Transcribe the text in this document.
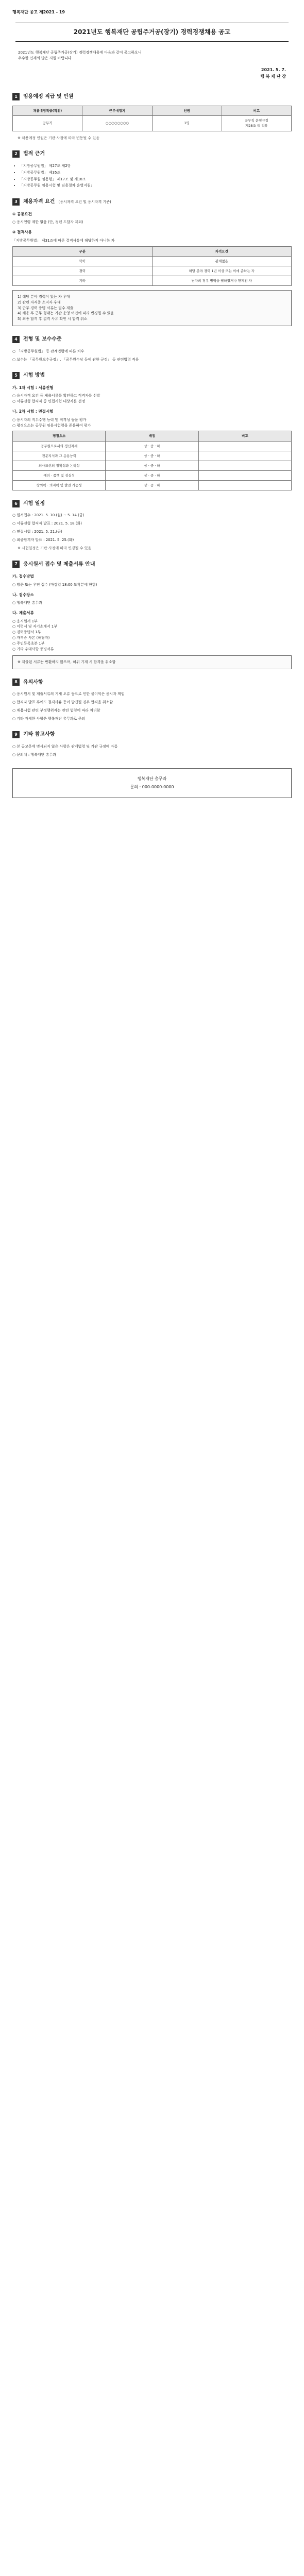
행복재단 공고 제2021 - 19
2021년도 행복재단 공립주거공(장기) 경력경쟁채용 공고
2021년도 행복재단 공립주거공(장기) 경력경쟁채용에 다음과 같이 공고하오니
우수한 인재의 많은 지원 바랍니다.
2021. 5. 7.
행 복 재 단 장
1	임용예정 직급 및 인원
채용예정직급(직위)	근무예정지	인원	비고
공무직	○○○○○○○○	1명	공무직 운영규정
제28조 등 적용
※ 채용예정 인원은 기관 사정에 따라 변동될 수 있음
2	법적 근거
• 「지방공무원법」 제27조 제2항
• 「지방공무원법」 제35조
• 「지방공무원 임용령」 제17조 및 제18조
• 「지방공무원 임용시험 및 임용절차 운영지침」
3	채용자격 요건 (응시자격 요건 및 응시자격 기준)
① 공통요건
○ 응시연령 제한 없음 (단, 정년 도달자 제외)
② 결격사유
「지방공무원법」 제31조에 따른 결격사유에 해당하지 아니한 자
구분	자격요건
학력	관계없음
경력	해당 분야 경력 1년 이상 또는 이에 준하는 자
기타	남자의 경우 병역을 필하였거나 면제된 자
1) 해당 분야 경력이 있는 자 우대
2) 관련 자격증 소지자 우대
3) 근무 경력 증명 서류는 필수 제출
4) 채용 후 근무 형태는 기관 운영 여건에 따라 변경될 수 있음
5) 최종 합격 후 결격 사유 확인 시 합격 취소
4	전형 및 보수수준
○ 「지방공무원법」 등 관계법령에 따른 처우
○ 보수는 「공무원보수규정」, 「공무원수당 등에 관한 규정」 등 관련법령 적용
5	시험 방법
가. 1차 시험 : 서류전형
○ 응시자격 요건 등 제출서류를 확인하고 적격자를 선발
○ 서류전형 합격자 중 면접시험 대상자를 선정
나. 2차 시험 : 면접시험
○ 응시자의 직무수행 능력 및 적격성 등을 평가
○ 평정요소는 공무원 임용시험령을 준용하여 평가
평정요소	배점	비고
공무원으로서의 정신자세	상 · 중 · 하	
전문지식과 그 응용능력	상 · 중 · 하	
의사표현의 정확성과 논리성	상 · 중 · 하	
예의 · 품행 및 성실성	상 · 중 · 하	
창의력 · 의지력 및 발전 가능성	상 · 중 · 하	
6	시험 일정
○ 원서접수 : 2021. 5. 10.(월) ~ 5. 14.(금)
○ 서류전형 합격자 발표 : 2021. 5. 18.(화)
○ 면접시험 : 2021. 5. 21.(금)
○ 최종합격자 발표 : 2021. 5. 25.(화)
※ 시험일정은 기관 사정에 따라 변경될 수 있음
7	응시원서 접수 및 제출서류 안내
가. 접수방법
○ 방문 또는 우편 접수 (마감일 18:00 도착분에 한함)
나. 접수장소
○ 행복재단 총무과
다. 제출서류
○ 응시원서 1부
○ 이력서 및 자기소개서 1부
○ 경력증명서 1부
○ 자격증 사본 (해당자)
○ 주민등록초본 1부
○ 기타 우대사항 증빙서류
※ 제출된 서류는 반환하지 않으며, 허위 기재 시 합격을 취소함
8	유의사항
○ 응시원서 및 제출서류의 기재 오류 등으로 인한 불이익은 응시자 책임
○ 합격자 발표 후에도 결격사유 등이 발견될 경우 합격을 취소함
○ 채용시험 관련 부정행위자는 관련 법령에 따라 처리함
○ 기타 자세한 사항은 행복재단 총무과로 문의
9	기타 참고사항
○ 본 공고문에 명시되지 않은 사항은 관계법령 및 기관 규정에 따름
○ 문의처 : 행복재단 총무과
행복재단 총무과
문의 : 000-0000-0000
